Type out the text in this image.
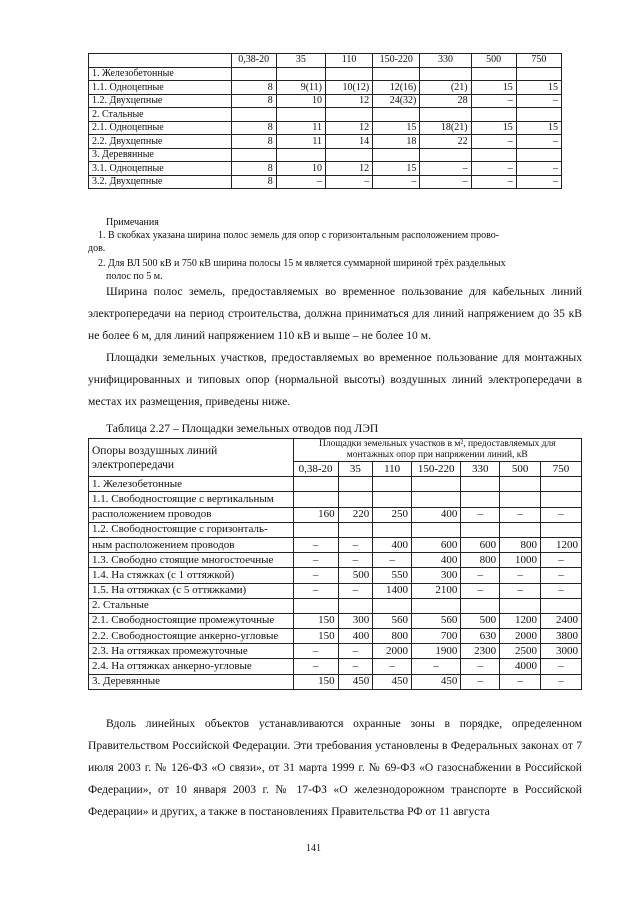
	0,38-20	35	110	150-220	330	500	750
1. Железобетонные							
1.1. Одноцепные	8	9(11)	10(12)	12(16)	(21)	15	15
1.2. Двухцепные	8	10	12	24(32)	28	–	–
2. Стальные							
2.1. Одноцепные	8	11	12	15	18(21)	15	15
2.2. Двухцепные	8	11	14	18	22	–	–
3. Деревянные							
3.1. Одноцепные	8	10	12	15	–	–	–
3.2. Двухцепные	8	–	–	–	–	–	–
Примечания
1. В скобках указана ширина полос земель для опор с горизонтальным расположением прово-
дов.
2. Для ВЛ 500 кВ и 750 кВ ширина полосы 15 м является суммарной шириной трёх раздельных
полос по 5 м.
Ширина полос земель, предоставляемых во временное пользование для кабельных линий электропередачи на период строительства, должна приниматься для линий напряжением до 35 кВ не более 6 м, для линий напряжением 110 кВ и выше – не более 10 м.
Площадки земельных участков, предоставляемых во временное пользование для монтажных унифицированных и типовых опор (нормальной высоты) воздушных линий электропередачи в местах их размещения, приведены ниже.
Таблица 2.27 – Площадки земельных отводов под ЛЭП
Опоры воздушных линий электропередачи	Площадки земельных участков в м², предоставляемых для монтажных опор при напряжении линий, кВ						
	0,38-20	35	110	150-220	330	500	750
1. Железобетонные							
1.1. Свободностоящие с вертикальным							
расположением проводов	160	220	250	400	–	–	–
1.2. Свободностоящие с горизонталь-							
ным расположением проводов	–	–	400	600	600	800	1200
1.3. Свободно стоящие многостоечные	–	–	–	400	800	1000	–
1.4. На стяжках (с 1 оттяжкой)	–	500	550	300	–	–	–
1.5. На оттяжках (с 5 оттяжками)	–	–	1400	2100	–	–	–
2. Стальные							
2.1. Свободностоящие промежуточные	150	300	560	560	500	1200	2400
2.2. Свободностоящие анкерно-угловые	150	400	800	700	630	2000	3800
2.3. На оттяжках промежуточные	–	–	2000	1900	2300	2500	3000
2.4. На оттяжках анкерно-угловые	–	–	–	–	–	4000	–
3. Деревянные	150	450	450	450	–	–	–
Вдоль линейных объектов устанавливаются охранные зоны в порядке, определенном Правительством Российской Федерации. Эти требования установлены в Федеральных законах от 7 июля 2003 г. № 126-ФЗ «О связи», от 31 марта 1999 г. № 69-ФЗ «О газоснабжении в Российской Федерации», от 10 января 2003 г. № 17-ФЗ «О железнодорожном транспорте в Российской Федерации» и других, а также в постановлениях Правительства РФ от 11 августа
141
